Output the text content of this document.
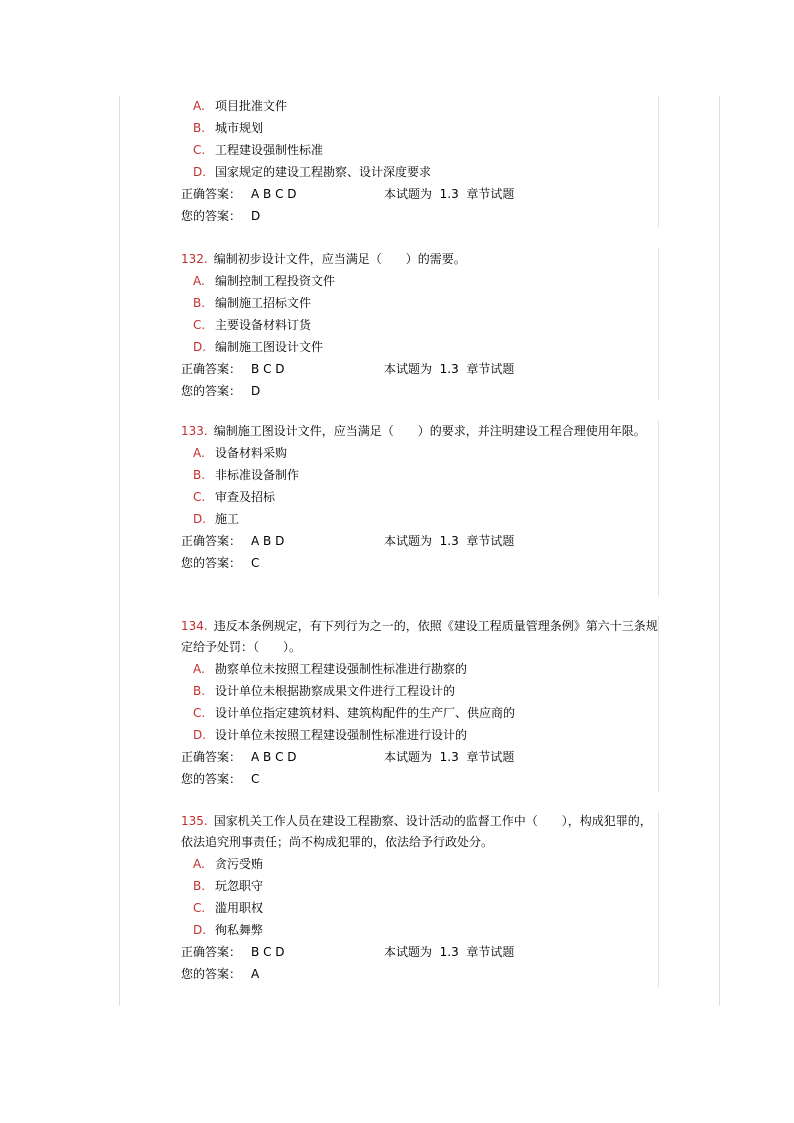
A. 项目批准文件
B. 城市规划
C. 工程建设强制性标准
D. 国家规定的建设工程勘察、设计深度要求
正确答案： A B C D	本试题为 1.3 章节试题
您的答案： D
132. 编制初步设计文件，应当满足（　　）的需要。
A. 编制控制工程投资文件
B. 编制施工招标文件
C. 主要设备材料订货
D. 编制施工图设计文件
正确答案： B C D	本试题为 1.3 章节试题
您的答案： D
133. 编制施工图设计文件，应当满足（　　）的要求，并注明建设工程合理使用年限。
A. 设备材料采购
B. 非标准设备制作
C. 审查及招标
D. 施工
正确答案： A B D	本试题为 1.3 章节试题
您的答案： C
134. 违反本条例规定，有下列行为之一的，依照《建设工程质量管理条例》第六十三条规定给予处罚：（　　）。
A. 勘察单位未按照工程建设强制性标准进行勘察的
B. 设计单位未根据勘察成果文件进行工程设计的
C. 设计单位指定建筑材料、建筑构配件的生产厂、供应商的
D. 设计单位未按照工程建设强制性标准进行设计的
正确答案： A B C D	本试题为 1.3 章节试题
您的答案： C
135. 国家机关工作人员在建设工程勘察、设计活动的监督工作中（　　），构成犯罪的，依法追究刑事责任；尚不构成犯罪的，依法给予行政处分。
A. 贪污受贿
B. 玩忽职守
C. 滥用职权
D. 徇私舞弊
正确答案： B C D	本试题为 1.3 章节试题
您的答案： A
